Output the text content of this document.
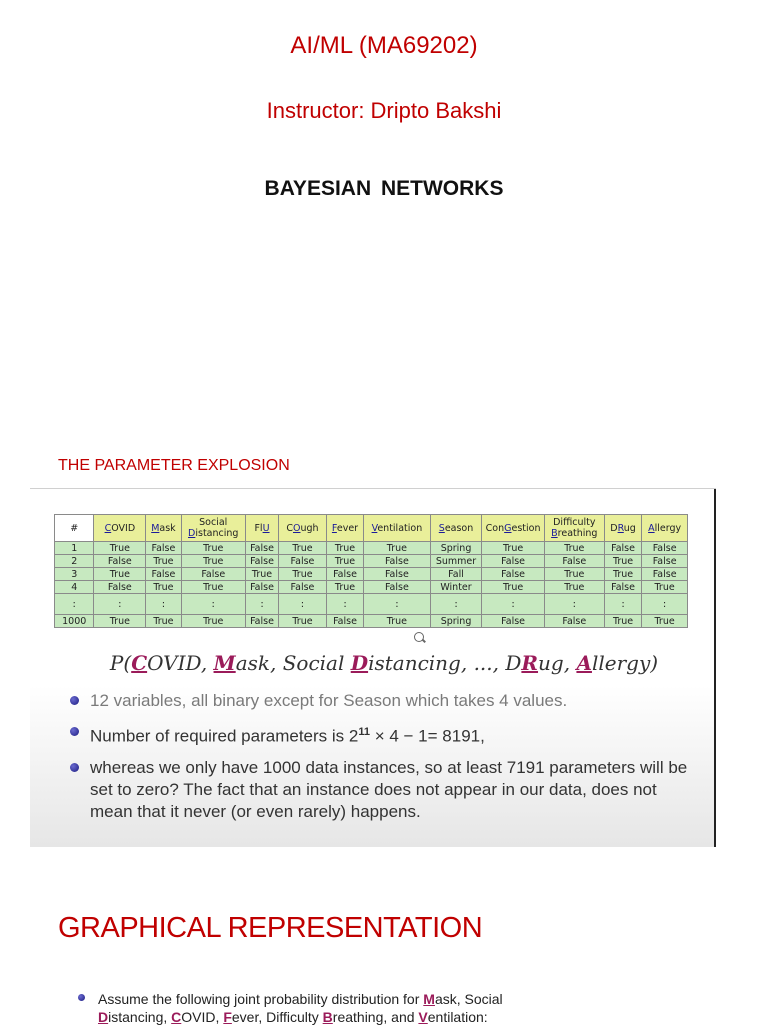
AI/ML (MA69202)
Instructor: Dripto Bakshi
BAYESIAN NETWORKS
THE PARAMETER EXPLOSION
#	COVID	Mask	Social Distancing	FlU	COugh	Fever	Ventilation	Season	ConGestion	Difficulty Breathing	DRug	Allergy
1	True	False	True	False	True	True	True	Spring	True	True	False	False
2	False	True	True	False	False	True	False	Summer	False	False	True	False
3	True	False	False	True	True	False	False	Fall	False	True	True	False
4	False	True	True	False	False	True	False	Winter	True	True	False	True
:	:	:	:	:	:	:	:	:	:	:	:	:
1000	True	True	True	False	True	False	True	Spring	False	False	True	True
P(COVID, Mask, Social Distancing, ..., DRug, Allergy)
12 variables, all binary except for Season which takes 4 values.
Number of required parameters is $2^{11} \times 4 - 1= 8191$,
whereas we only have 1000 data instances, so at least 7191 parameters will be set to zero? The fact that an instance does not appear in our data, does not mean that it never (or even rarely) happens.
GRAPHICAL REPRESENTATION
Assume the following joint probability distribution for Mask, Social
Distancing, COVID, Fever, Difficulty Breathing, and Ventilation:
